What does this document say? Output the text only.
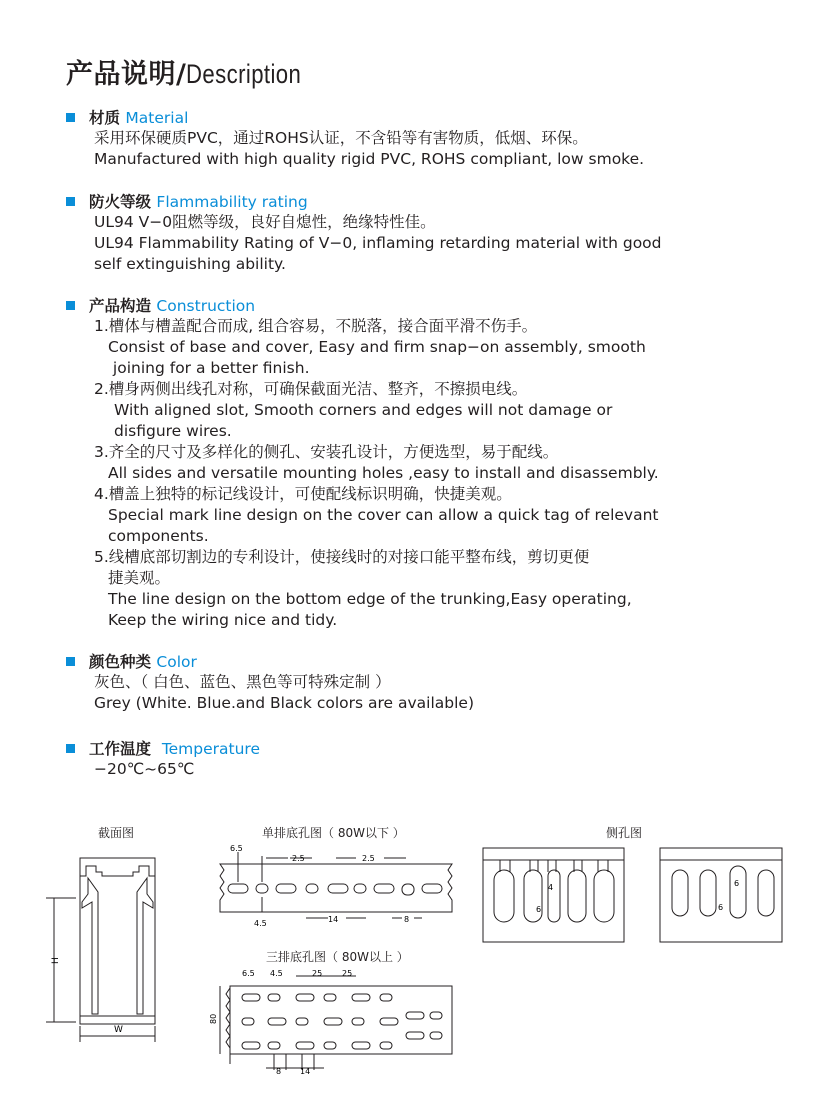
产品说明/Description
材质 Material
采用环保硬质PVC，通过ROHS认证，不含铅等有害物质，低烟、环保。
Manufactured with high quality rigid PVC, ROHS compliant, low smoke.
防火等级 Flammability rating
UL94 V−0阻燃等级，良好自熄性，绝缘特性佳。
UL94 Flammability Rating of V−0, inflaming retarding material with good
self extinguishing ability.
产品构造 Construction
1.槽体与槽盖配合而成, 组合容易，不脱落，接合面平滑不伤手。
Consist of base and cover, Easy and firm snap−on assembly, smooth
joining for a better finish.
2.槽身两侧出线孔对称，可确保截面光洁、整齐，不擦损电线。
With aligned slot, Smooth corners and edges will not damage or
disfigure wires.
3.齐全的尺寸及多样化的侧孔、安装孔设计，方便选型，易于配线。
All sides and versatile mounting holes ,easy to install and disassembly.
4.槽盖上独特的标记线设计，可使配线标识明确，快捷美观。
Special mark line design on the cover can allow a quick tag of relevant
components.
5.线槽底部切割边的专利设计，使接线时的对接口能平整布线，剪切更便
捷美观。
The line design on the bottom edge of the trunking,Easy operating,
Keep the wiring nice and tidy.
颜色种类 Color
灰色、（ 白色、蓝色、黑色等可特殊定制 ）
Grey (White. Blue.and Black colors are available)
工作温度 Temperature
−20℃~65℃
截面图	单排底孔图（ 80W以下 ）	侧孔图
三排底孔图（ 80W以上 ）
H
W
6.5
2.5	2.5
4.5	14	8
4
6
6
6
6.5 4.5	25 25
80
8 14
